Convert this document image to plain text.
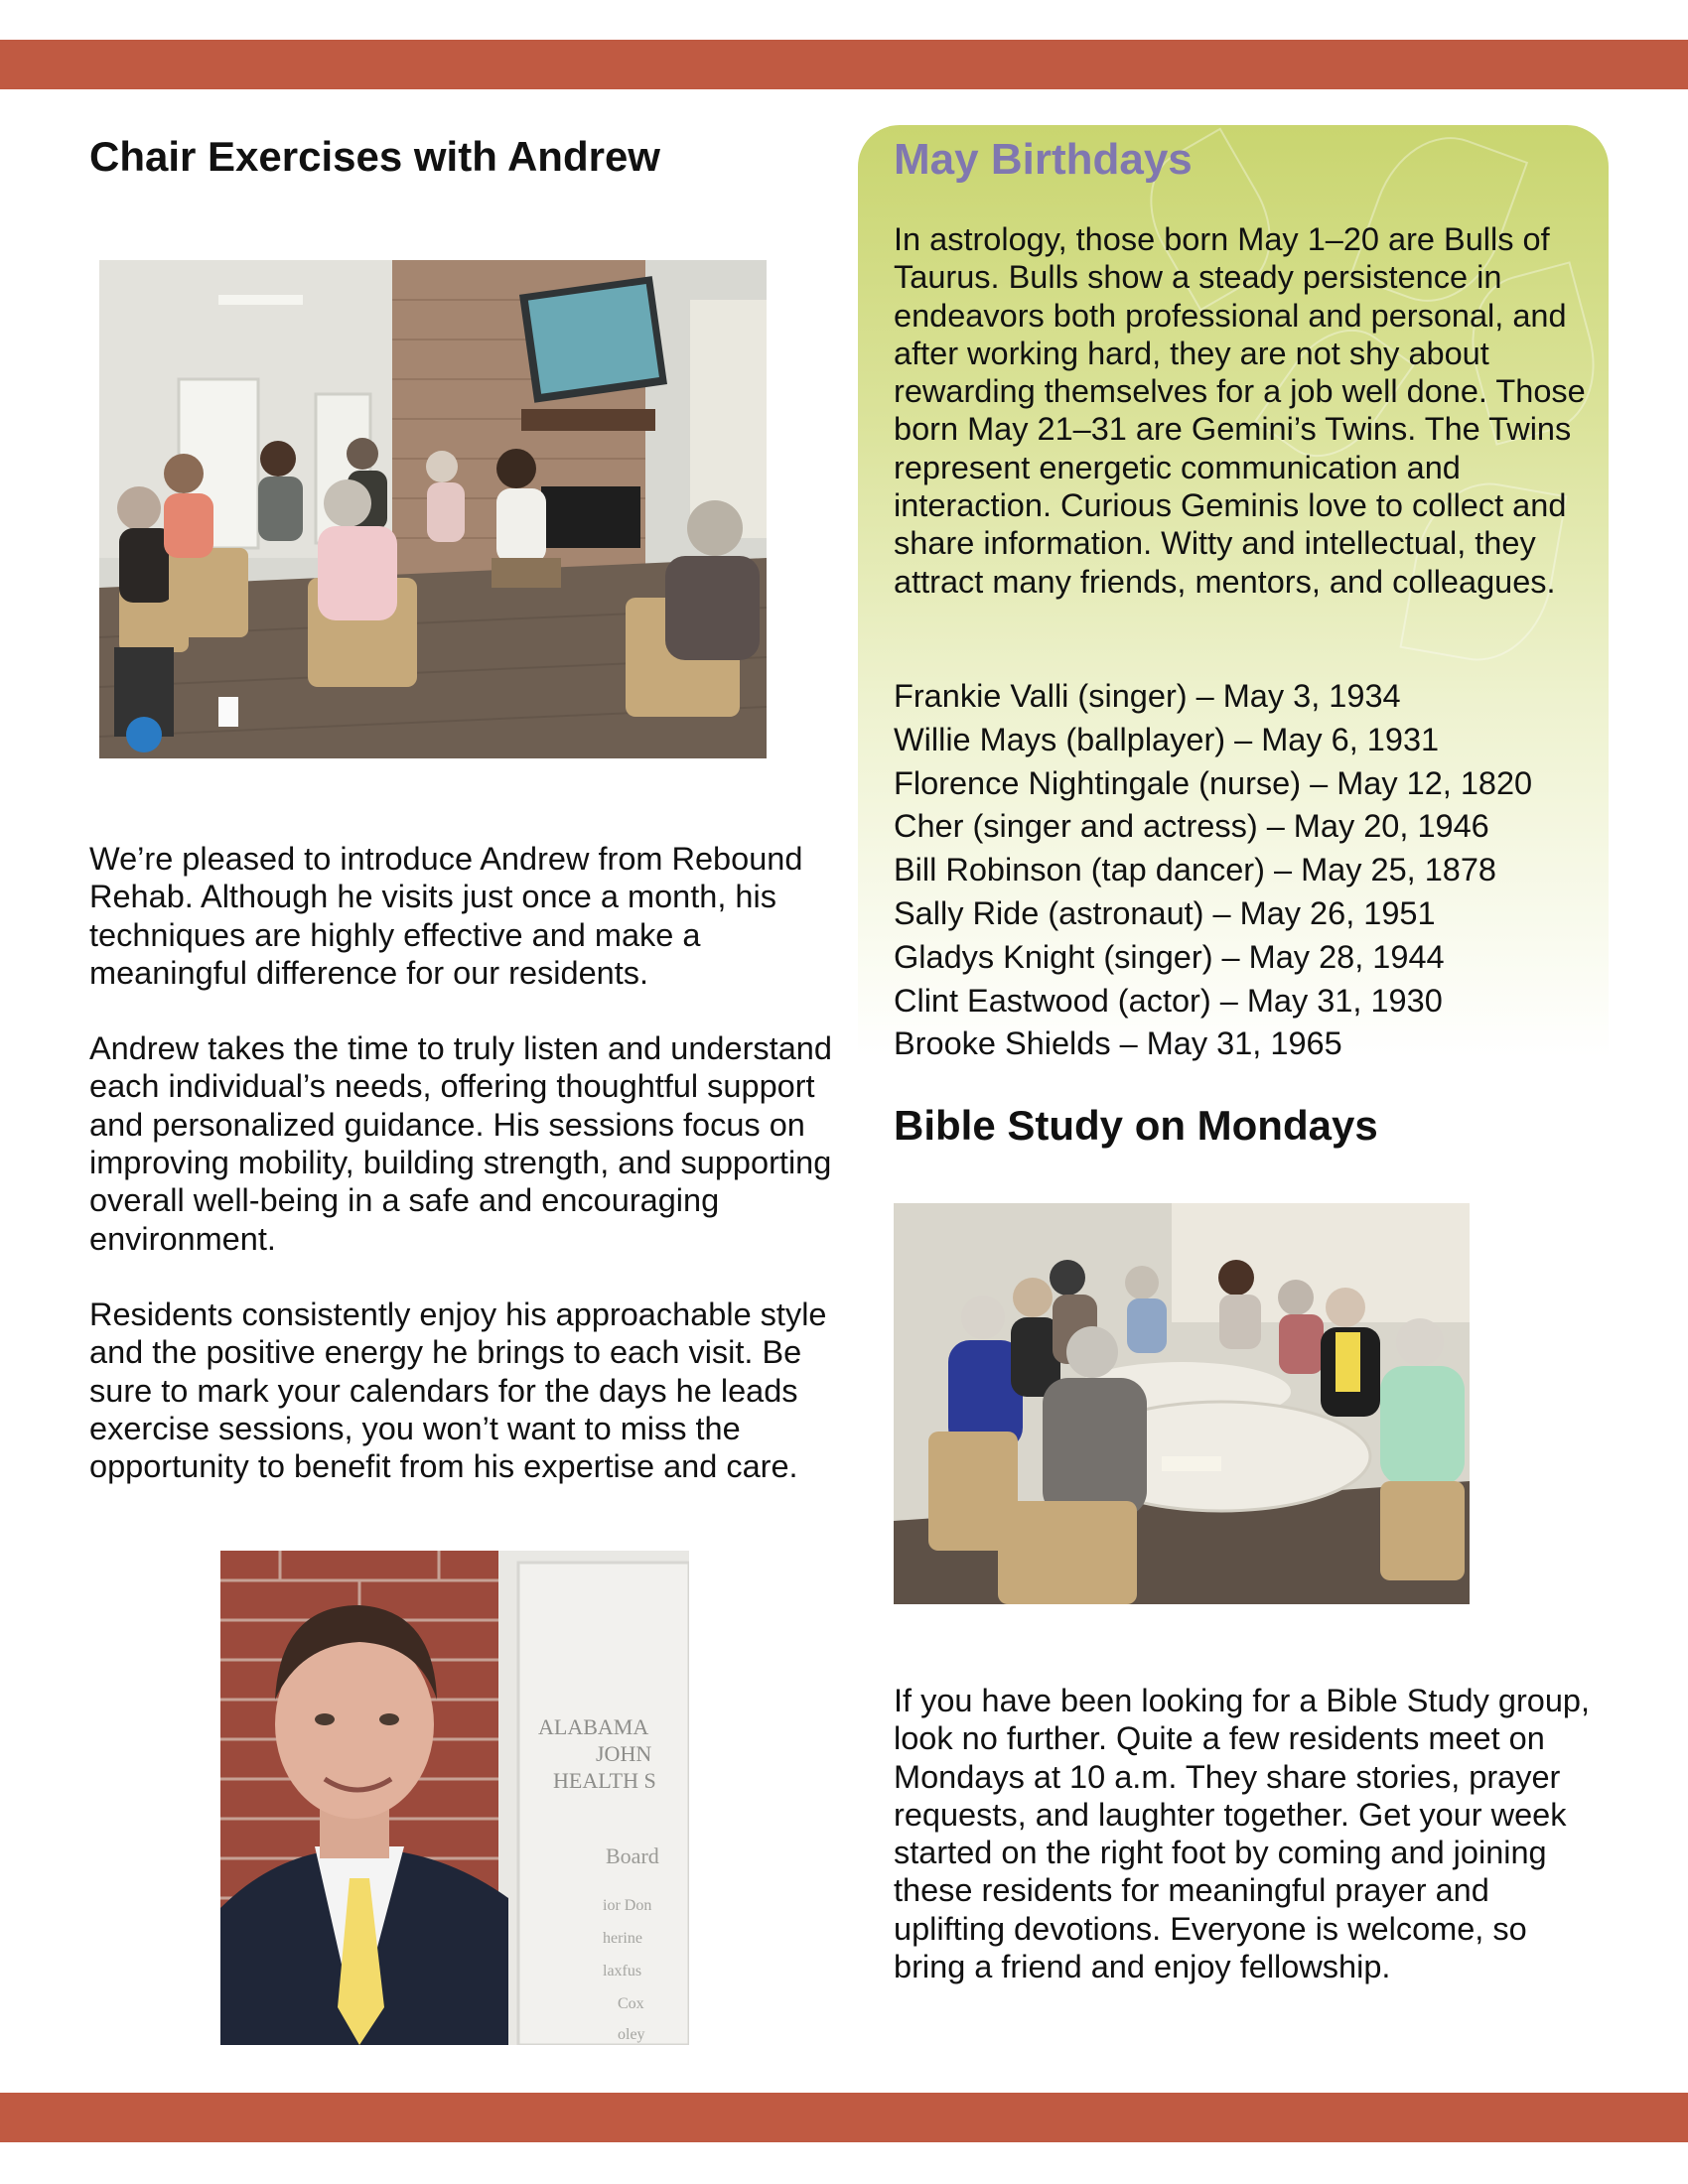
Chair Exercises with Andrew

We’re pleased to introduce Andrew from Rebound Rehab. Although he visits just once a month, his techniques are highly effective and make a meaningful difference for our residents.

Andrew takes the time to truly listen and understand each individual’s needs, offering thoughtful support and personalized guidance. His sessions focus on improving mobility, building strength, and supporting overall well-being in a safe and encouraging environment.

Residents consistently enjoy his approachable style and the positive energy he brings to each visit. Be sure to mark your calendars for the days he leads exercise sessions, you won’t want to miss the opportunity to benefit from his expertise and care.

ALABAMA
JOHN
HEALTH S
Board
ior Don
herine
laxfus
Cox
oley
May Birthdays

In astrology, those born May 1–20 are Bulls of Taurus. Bulls show a steady persistence in endeavors both professional and personal, and after working hard, they are not shy about rewarding themselves for a job well done. Those born May 21–31 are Gemini’s Twins. The Twins represent energetic communication and interaction. Curious Geminis love to collect and share information. Witty and intellectual, they attract many friends, mentors, and colleagues.

Frankie Valli (singer) – May 3, 1934
Willie Mays (ballplayer) – May 6, 1931
Florence Nightingale (nurse) – May 12, 1820
Cher (singer and actress) – May 20, 1946
Bill Robinson (tap dancer) – May 25, 1878
Sally Ride (astronaut) – May 26, 1951
Gladys Knight (singer) – May 28, 1944
Clint Eastwood (actor) – May 31, 1930
Brooke Shields – May 31, 1965
Bible Study on Mondays

If you have been looking for a Bible Study group, look no further. Quite a few residents meet on Mondays at 10 a.m. They share stories, prayer requests, and laughter together. Get your week started on the right foot by coming and joining these residents for meaningful prayer and uplifting devotions. Everyone is welcome, so bring a friend and enjoy fellowship.
